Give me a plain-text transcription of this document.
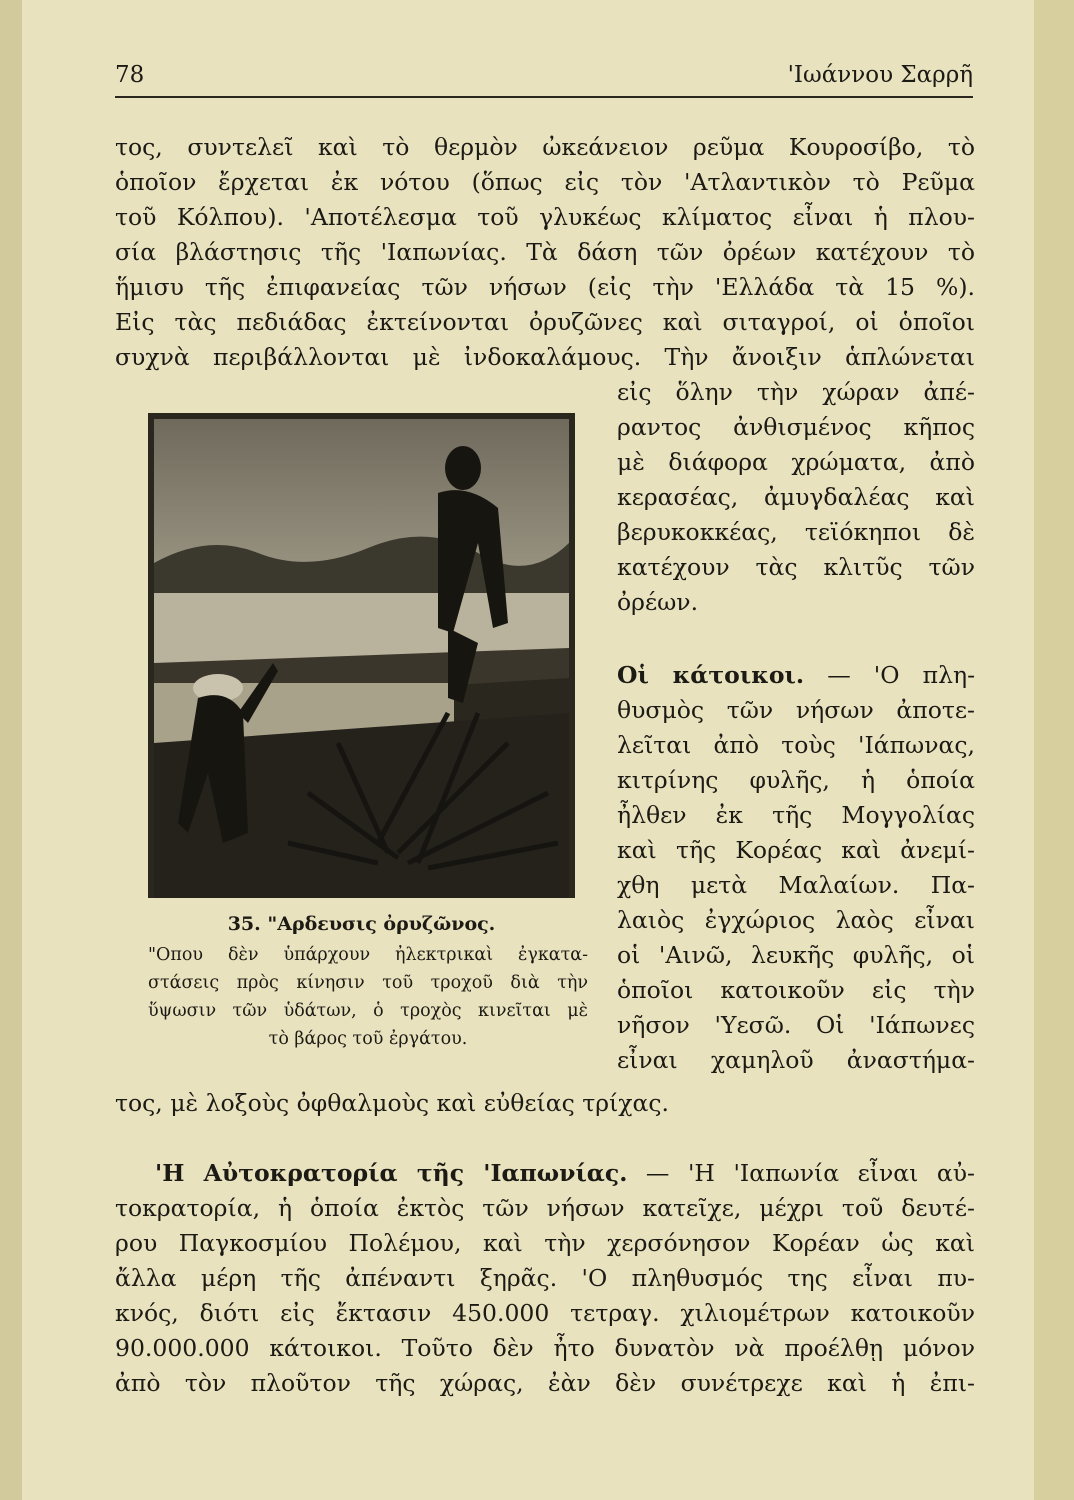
78	'Ιωάννου Σαρρῆ
τος, συντελεῖ καὶ τὸ θερμὸν ὠκεάνειον ρεῦμα Κουροσίβο, τὸ
ὁποῖον ἔρχεται ἐκ νότου (ὅπως εἰς τὸν 'Ατλαντικὸν τὸ Ρεῦμα
τοῦ Κόλπου). 'Αποτέλεσμα τοῦ γλυκέως κλίματος εἶναι ἡ πλου-
σία βλάστησις τῆς 'Ιαπωνίας. Τὰ δάση τῶν ὀρέων κατέχουν τὸ
ἥμισυ τῆς ἐπιφανείας τῶν νήσων (εἰς τὴν 'Ελλάδα τὰ 15 %).
Εἰς τὰς πεδιάδας ἐκτείνονται ὀρυζῶνες καὶ σιταγροί, οἱ ὁποῖοι
συχνὰ περιβάλλονται μὲ ἰνδοκαλάμους. Τὴν ἄνοιξιν ἁπλώνεται
35. "Αρδευσις ὀρυζῶνος.
"Οπου δὲν ὑπάρχουν ἠλεκτρικαὶ ἐγκατα-
στάσεις πρὸς κίνησιν τοῦ τροχοῦ διὰ τὴν
ὕψωσιν τῶν ὑδάτων, ὁ τροχὸς κινεῖται μὲ
τὸ βάρος τοῦ ἐργάτου.
εἰς ὅλην τὴν χώραν ἀπέ-
ραντος ἀνθισμένος κῆπος
μὲ διάφορα χρώματα, ἀπὸ
κερασέας, ἀμυγδαλέας καὶ
βερυκοκκέας, τεϊόκηποι δὲ
κατέχουν τὰς κλιτῦς τῶν
ὀρέων.
Οἱ κάτοικοι. — 'Ο πλη-
θυσμὸς τῶν νήσων ἀποτε-
λεῖται ἀπὸ τοὺς 'Ιάπωνας,
κιτρίνης φυλῆς, ἡ ὁποία
ἦλθεν ἐκ τῆς Μογγολίας
καὶ τῆς Κορέας καὶ ἀνεμί-
χθη μετὰ Μαλαίων. Πα-
λαιὸς ἐγχώριος λαὸς εἶναι
οἱ 'Αινῶ, λευκῆς φυλῆς, οἱ
ὁποῖοι κατοικοῦν εἰς τὴν
νῆσον 'Υεσῶ. Οἱ 'Ιάπωνες
εἶναι χαμηλοῦ ἀναστήμα-
τος, μὲ λοξοὺς ὀφθαλμοὺς καὶ εὐθείας τρίχας.
'Η Αὐτοκρατορία τῆς 'Ιαπωνίας. — 'Η 'Ιαπωνία εἶναι αὐ-
τοκρατορία, ἡ ὁποία ἐκτὸς τῶν νήσων κατεῖχε, μέχρι τοῦ δευτέ-
ρου Παγκοσμίου Πολέμου, καὶ τὴν χερσόνησον Κορέαν ὡς καὶ
ἄλλα μέρη τῆς ἀπέναντι ξηρᾶς. 'Ο πληθυσμός της εἶναι πυ-
κνός, διότι εἰς ἔκτασιν 450.000 τετραγ. χιλιομέτρων κατοικοῦν
90.000.000 κάτοικοι. Τοῦτο δὲν ἦτο δυνατὸν νὰ προέλθῃ μόνον
ἀπὸ τὸν πλοῦτον τῆς χώρας, ἐὰν δὲν συνέτρεχε καὶ ἡ ἐπι-
